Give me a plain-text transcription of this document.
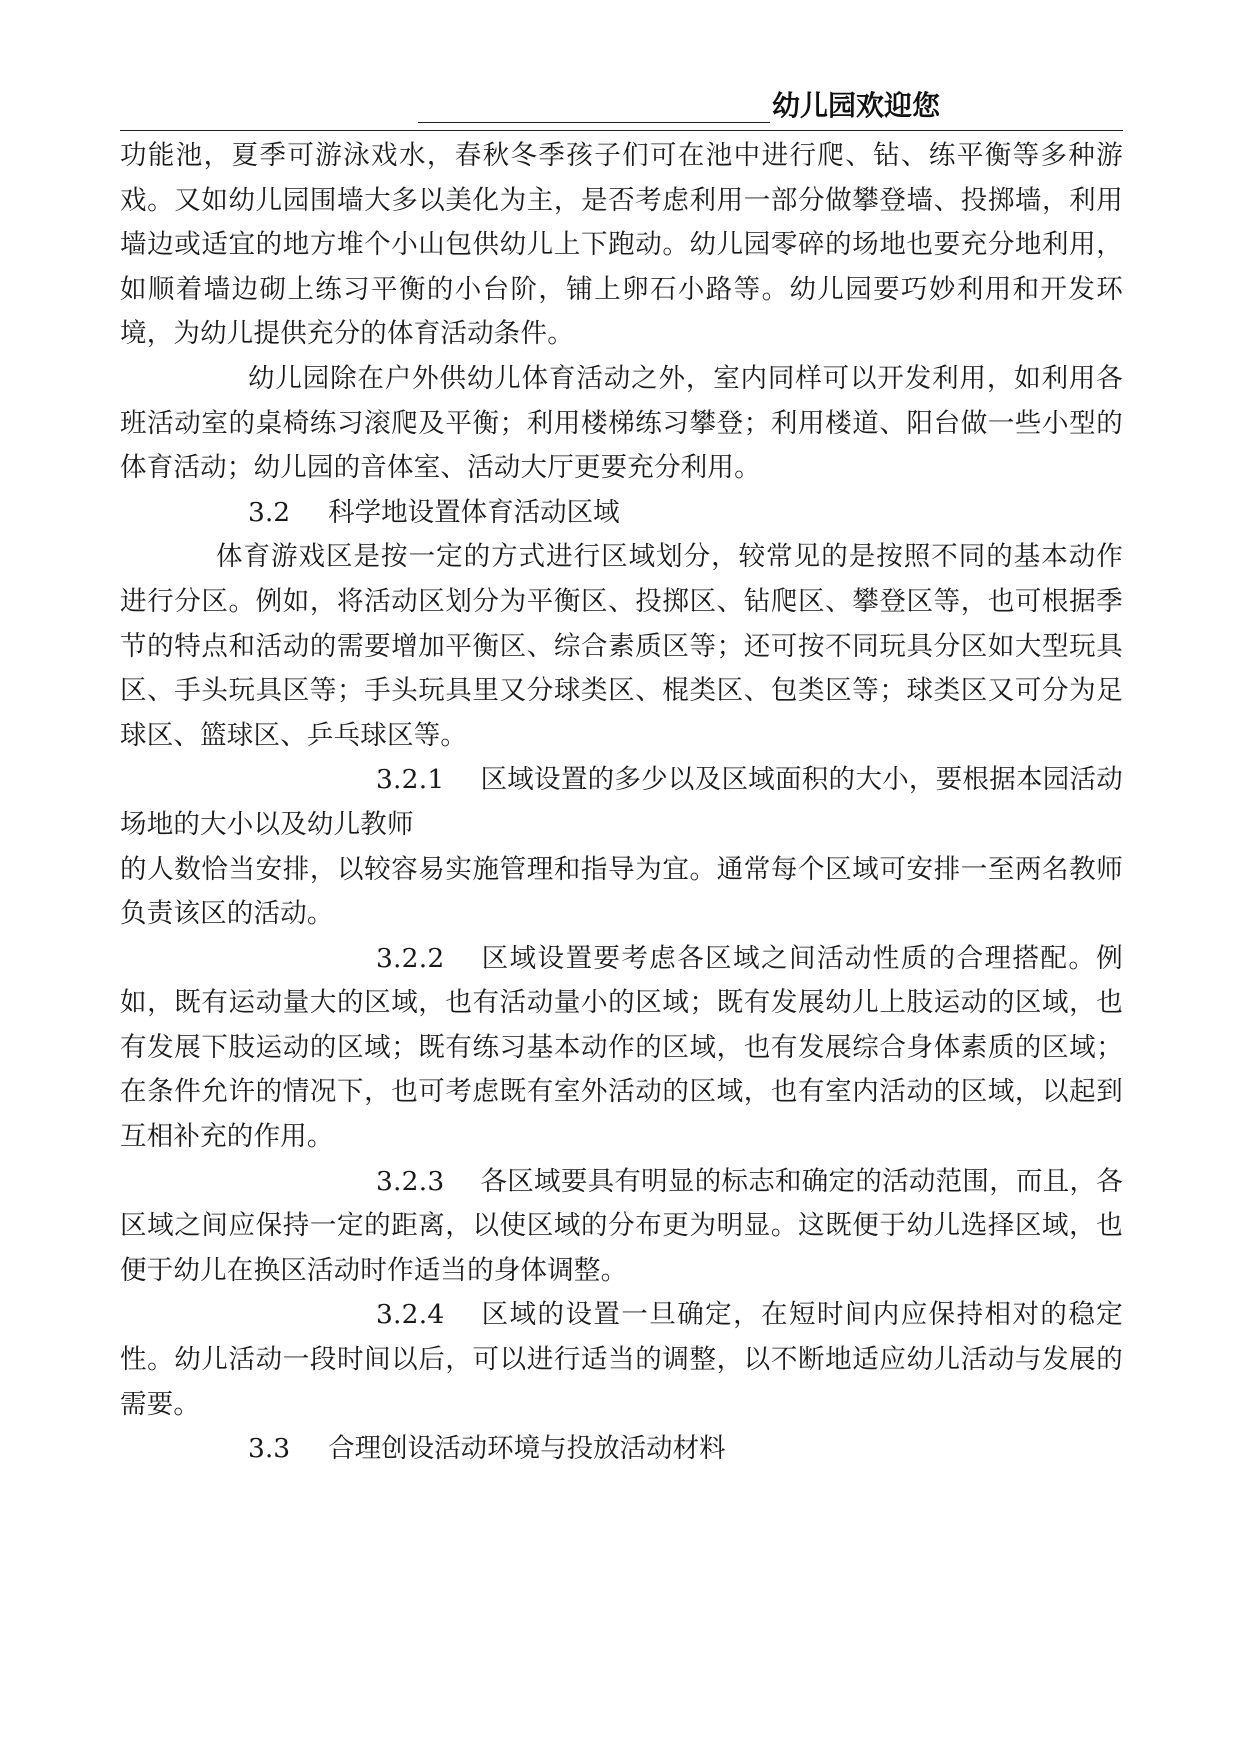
幼儿园欢迎您

功能池，夏季可游泳戏水，春秋冬季孩子们可在池中进行爬、钻、练平衡等多种游戏。又如幼儿园围墙大多以美化为主，是否考虑利用一部分做攀登墙、投掷墙，利用墙边或适宜的地方堆个小山包供幼儿上下跑动。幼儿园零碎的场地也要充分地利用，如顺着墙边砌上练习平衡的小台阶，铺上卵石小路等。幼儿园要巧妙利用和开发环境，为幼儿提供充分的体育活动条件。

幼儿园除在户外供幼儿体育活动之外，室内同样可以开发利用，如利用各班活动室的桌椅练习滚爬及平衡；利用楼梯练习攀登；利用楼道、阳台做一些小型的体育活动；幼儿园的音体室、活动大厅更要充分利用。

3.2 科学地设置体育活动区域

体育游戏区是按一定的方式进行区域划分，较常见的是按照不同的基本动作进行分区。例如，将活动区划分为平衡区、投掷区、钻爬区、攀登区等，也可根据季节的特点和活动的需要增加平衡区、综合素质区等；还可按不同玩具分区如大型玩具区、手头玩具区等；手头玩具里又分球类区、棍类区、包类区等；球类区又可分为足球区、篮球区、乒乓球区等。

3.2.1 区域设置的多少以及区域面积的大小，要根据本园活动场地的大小以及幼儿教师

的人数恰当安排，以较容易实施管理和指导为宜。通常每个区域可安排一至两名教师负责该区的活动。

3.2.2 区域设置要考虑各区域之间活动性质的合理搭配。例如，既有运动量大的区域，也有活动量小的区域；既有发展幼儿上肢运动的区域，也有发展下肢运动的区域；既有练习基本动作的区域，也有发展综合身体素质的区域；在条件允许的情况下，也可考虑既有室外活动的区域，也有室内活动的区域，以起到互相补充的作用。

3.2.3 各区域要具有明显的标志和确定的活动范围，而且，各区域之间应保持一定的距离，以使区域的分布更为明显。这既便于幼儿选择区域，也便于幼儿在换区活动时作适当的身体调整。

3.2.4 区域的设置一旦确定，在短时间内应保持相对的稳定性。幼儿活动一段时间以后，可以进行适当的调整，以不断地适应幼儿活动与发展的需要。

3.3 合理创设活动环境与投放活动材料
